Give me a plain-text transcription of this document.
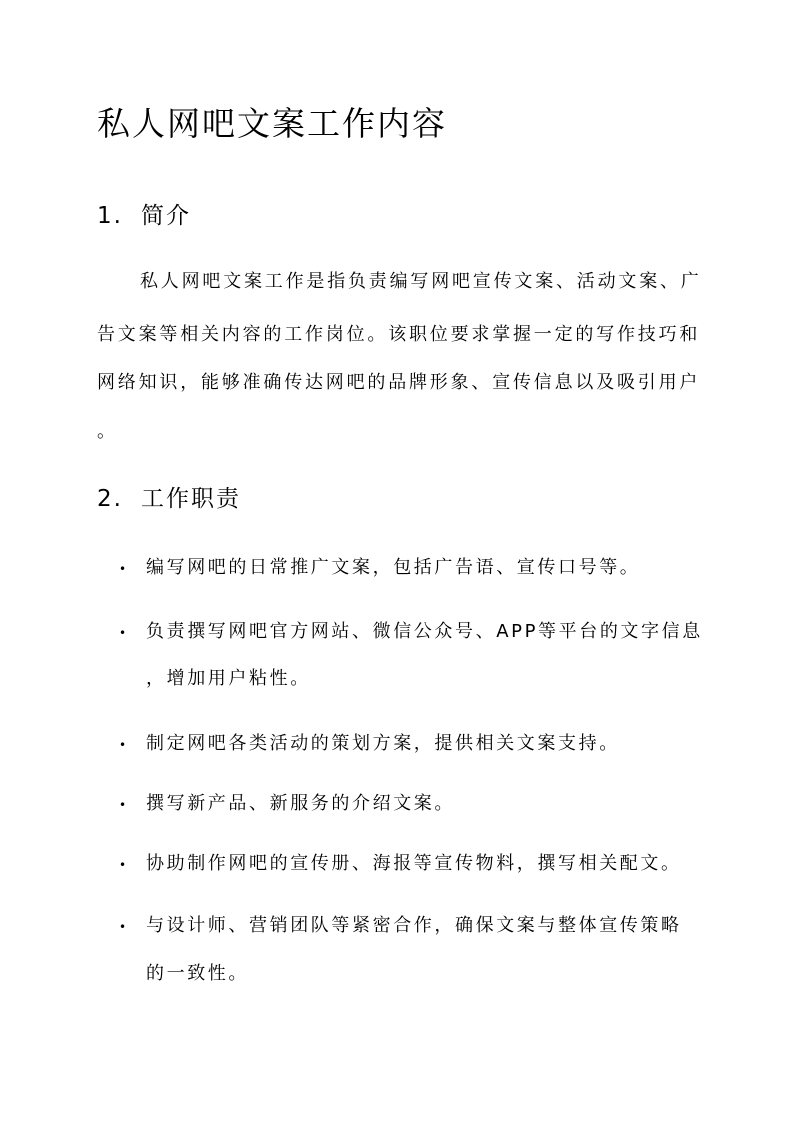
私人网吧文案工作内容
1. 简介
私人网吧文案工作是指负责编写网吧宣传文案、活动文案、广
告文案等相关内容的工作岗位。该职位要求掌握一定的写作技巧和
网络知识，能够准确传达网吧的品牌形象、宣传信息以及吸引用户
。
2. 工作职责
• 编写网吧的日常推广文案，包括广告语、宣传口号等。
• 负责撰写网吧官方网站、微信公众号、APP等平台的文字信息
，增加用户粘性。
• 制定网吧各类活动的策划方案，提供相关文案支持。
• 撰写新产品、新服务的介绍文案。
• 协助制作网吧的宣传册、海报等宣传物料，撰写相关配文。
• 与设计师、营销团队等紧密合作，确保文案与整体宣传策略
的一致性。
